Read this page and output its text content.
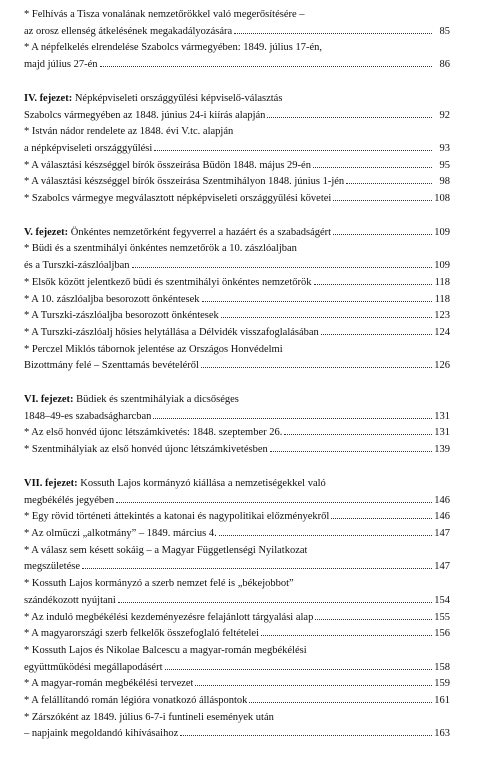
* Felhívás a Tisza vonalának nemzetőrökkel való megerősítésére –
az orosz ellenség átkelésének megakadályozására	85
* A népfelkelés elrendelése Szabolcs vármegyében: 1849. július 17-én,
majd július 27-én	86
IV. fejezet: Népképviseleti országgyűlési képviselő-választás
Szabolcs vármegyében az 1848. június 24-i kiírás alapján	92
* István nádor rendelete az 1848. évi V.tc. alapján
a népképviseleti országgyűlési	93
* A választási készséggel bírók összeírása Büdön 1848. május 29-én	95
* A választási készséggel bírók összeírása Szentmihályon 1848. június 1-jén	98
* Szabolcs vármegye megválasztott népképviseleti országgyűlési követei	108
V. fejezet: Önkéntes nemzetőrként fegyverrel a hazáért és a szabadságért	109
* Büdi és a szentmihályi önkéntes nemzetőrök a 10. zászlóaljban
és a Turszki-zászlóaljban	109
* Elsők között jelentkező büdi és szentmihályi önkéntes nemzetőrök	118
* A 10. zászlóaljba besorozott önkéntesek	118
* A Turszki-zászlóaljba besorozott önkéntesek	123
* A Turszki-zászlóalj hősies helytállása a Délvidék visszafoglalásában	124
* Perczel Miklós tábornok jelentése az Országos Honvédelmi
Bizottmány felé – Szenttamás bevételéről	126
VI. fejezet: Büdiek és szentmihályiak a dicsőséges
1848–49-es szabadságharcban	131
* Az első honvéd újonc létszámkivetés: 1848. szeptember 26.	131
* Szentmihályiak az első honvéd újonc létszámkivetésben	139
VII. fejezet: Kossuth Lajos kormányzó kiállása a nemzetiségekkel való
megbékélés jegyében	146
* Egy rövid történeti áttekintés a katonai és nagypolitikai előzményekről	146
* Az olmüczi „alkotmány” – 1849. március 4.	147
* A válasz sem késett sokáig – a Magyar Függetlenségi Nyilatkozat
megszületése	147
* Kossuth Lajos kormányzó a szerb nemzet felé is „békejobbot”
szándékozott nyújtani	154
* Az induló megbékélési kezdeményezésre felajánlott tárgyalási alap	155
* A magyarországi szerb felkelők összefoglaló feltételei	156
* Kossuth Lajos és Nikolae Balcescu a magyar-román megbékélési
együttműködési megállapodásért	158
* A magyar-román megbékélési tervezet	159
* A felállítandó román légióra vonatkozó álláspontok	161
* Zárszóként az 1849. július 6-7-i funtineli események után
– napjaink megoldandó kihívásaihoz	163
